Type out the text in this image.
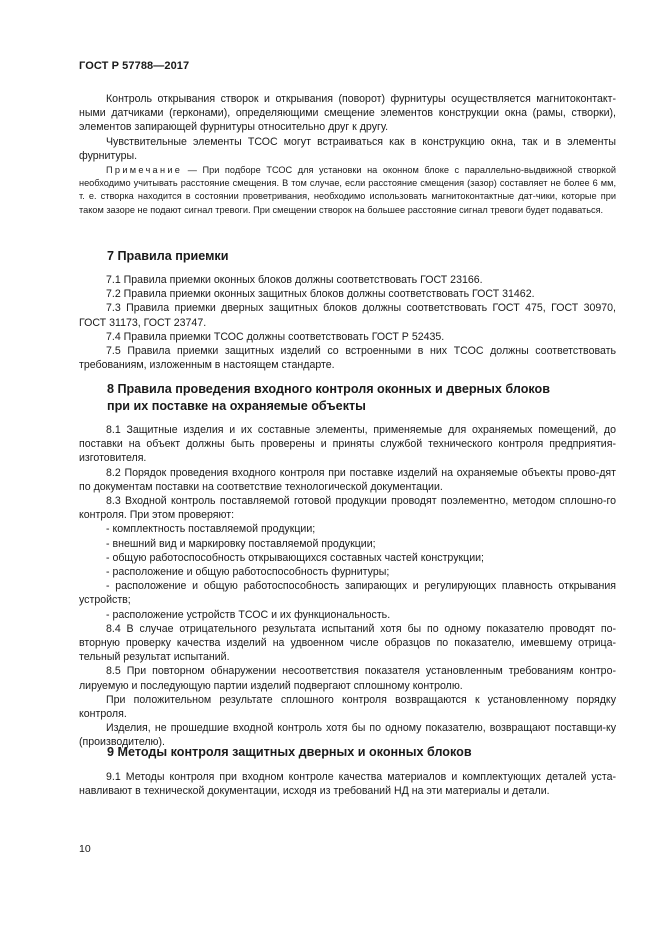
ГОСТ Р 57788—2017

Контроль открывания створок и открывания (поворот) фурнитуры осуществляется магнитоконтакт-ными датчиками (герконами), определяющими смещение элементов конструкции окна (рамы, створки), элементов запирающей фурнитуры относительно друг к другу.

Чувствительные элементы ТСОС могут встраиваться как в конструкцию окна, так и в элементы фурнитуры.

Примечание — При подборе ТСОС для установки на оконном блоке с параллельно-выдвижной створкой необходимо учитывать расстояние смещения. В том случае, если расстояние смещения (зазор) составляет не более 6 мм, т. е. створка находится в состоянии проветривания, необходимо использовать магнитоконтактные дат-чики, которые при таком зазоре не подают сигнал тревоги. При смещении створок на большее расстояние сигнал тревоги будет подаваться.

7 Правила приемки

7.1 Правила приемки оконных блоков должны соответствовать ГОСТ 23166.

7.2 Правила приемки оконных защитных блоков должны соответствовать ГОСТ 31462.

7.3 Правила приемки дверных защитных блоков должны соответствовать ГОСТ 475, ГОСТ 30970, ГОСТ 31173, ГОСТ 23747.

7.4 Правила приемки ТСОС должны соответствовать ГОСТ Р 52435.

7.5 Правила приемки защитных изделий со встроенными в них ТСОС должны соответствовать требованиям, изложенным в настоящем стандарте.

8 Правила проведения входного контроля оконных и дверных блоков
при их поставке на охраняемые объекты

8.1 Защитные изделия и их составные элементы, применяемые для охраняемых помещений, до поставки на объект должны быть проверены и приняты службой технического контроля предприятия-изготовителя.

8.2 Порядок проведения входного контроля при поставке изделий на охраняемые объекты прово-дят по документам поставки на соответствие технологической документации.

8.3 Входной контроль поставляемой готовой продукции проводят поэлементно, методом сплошно-го контроля. При этом проверяют:

- комплектность поставляемой продукции;

- внешний вид и маркировку поставляемой продукции;

- общую работоспособность открывающихся составных частей конструкции;

- расположение и общую работоспособность фурнитуры;

- расположение и общую работоспособность запирающих и регулирующих плавность открывания устройств;

- расположение устройств ТСОС и их функциональность.

8.4 В случае отрицательного результата испытаний хотя бы по одному показателю проводят по-вторную проверку качества изделий на удвоенном числе образцов по показателю, имевшему отрица-тельный результат испытаний.

8.5 При повторном обнаружении несоответствия показателя установленным требованиям контро-лируемую и последующую партии изделий подвергают сплошному контролю.

При положительном результате сплошного контроля возвращаются к установленному порядку контроля.

Изделия, не прошедшие входной контроль хотя бы по одному показателю, возвращают поставщи-ку (производителю).

9 Методы контроля защитных дверных и оконных блоков

9.1 Методы контроля при входном контроле качества материалов и комплектующих деталей уста-навливают в технической документации, исходя из требований НД на эти материалы и детали.

10
